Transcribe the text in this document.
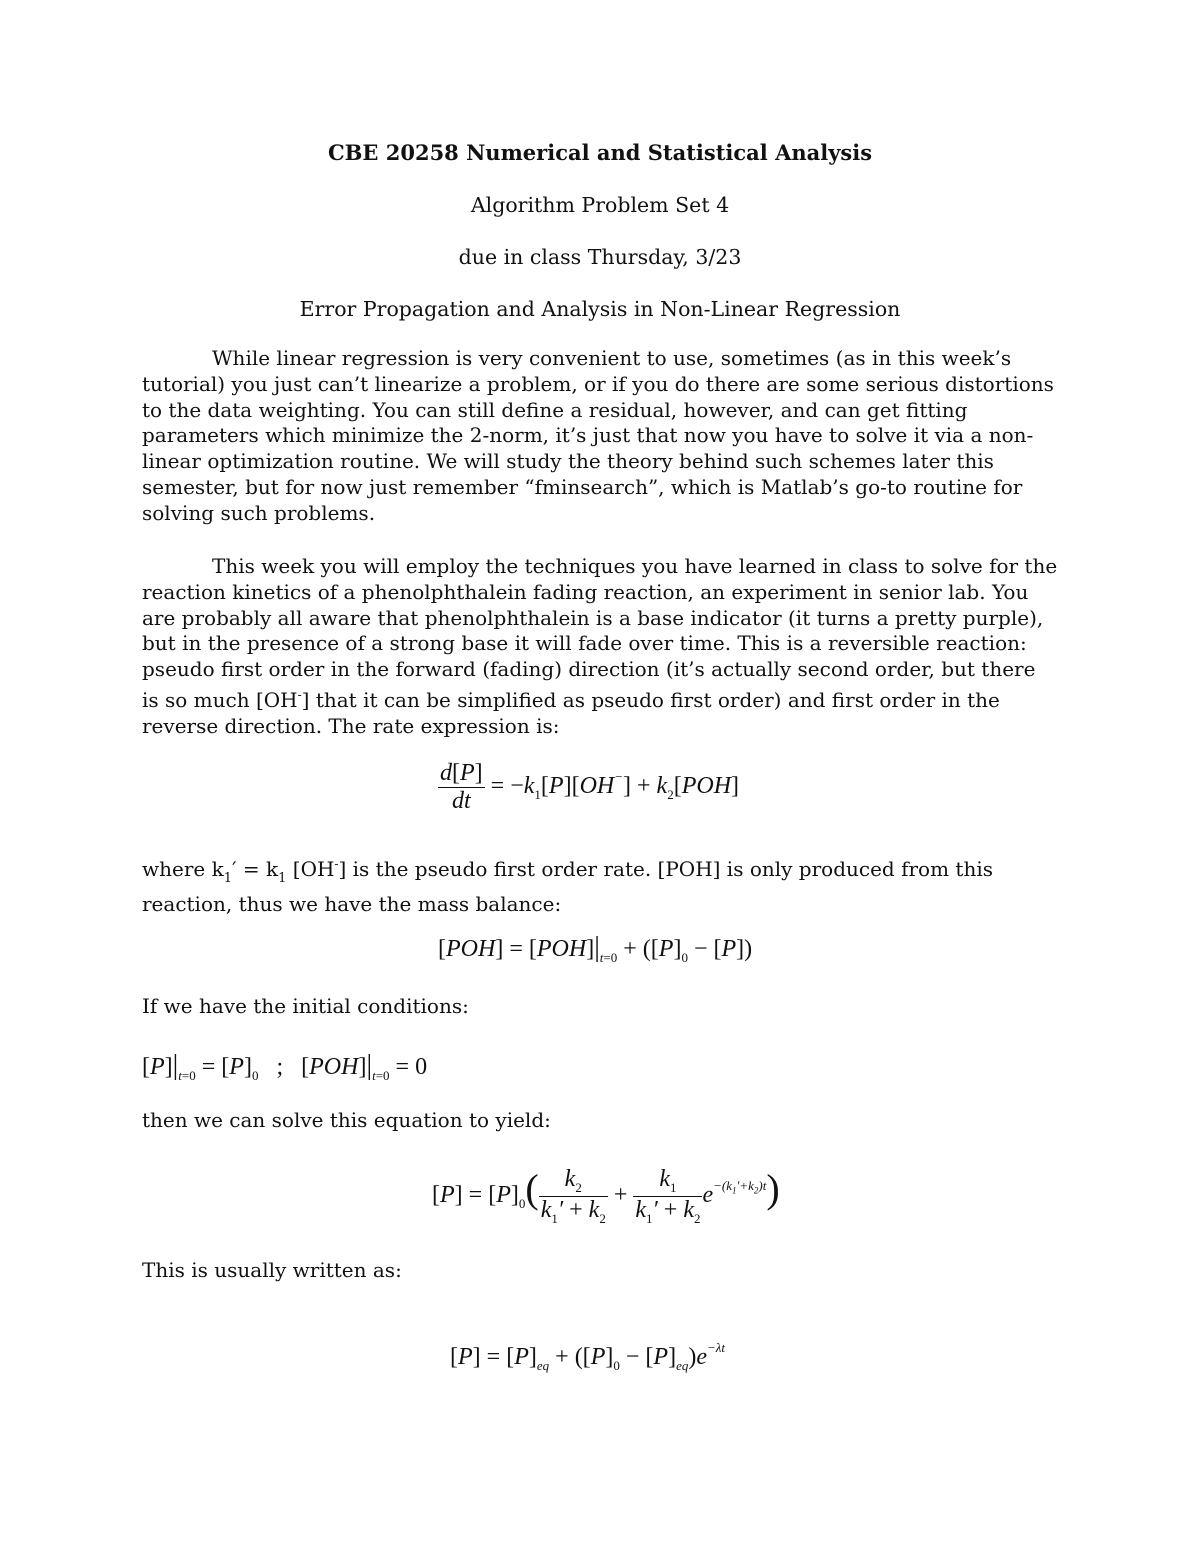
CBE 20258 Numerical and Statistical Analysis
Algorithm Problem Set 4
due in class Thursday, 3/23
Error Propagation and Analysis in Non-Linear Regression
While linear regression is very convenient to use, sometimes (as in this week’s tutorial) you just can’t linearize a problem, or if you do there are some serious distortions to the data weighting. You can still define a residual, however, and can get fitting parameters which minimize the 2-norm, it’s just that now you have to solve it via a non-linear optimization routine. We will study the theory behind such schemes later this semester, but for now just remember “fminsearch”, which is Matlab’s go-to routine for solving such problems.
This week you will employ the techniques you have learned in class to solve for the reaction kinetics of a phenolphthalein fading reaction, an experiment in senior lab. You are probably all aware that phenolphthalein is a base indicator (it turns a pretty purple), but in the presence of a strong base it will fade over time. This is a reversible reaction: pseudo first order in the forward (fading) direction (it’s actually second order, but there is so much [OH-] that it can be simplified as pseudo first order) and first order in the reverse direction. The rate expression is:
$\frac{d[P]}{dt} = -k_1[P][OH^-] + k_2[POH]$
where $k_1' = k_1$ [OH-] is the pseudo first order rate. [POH] is only produced from this reaction, thus we have the mass balance:
$[POH] = [POH]|_{t=0} + ([P]_0 - [P])$
If we have the initial conditions:
$[P]|_{t=0} = [P]_0$ ; $[POH]|_{t=0} = 0$
then we can solve this equation to yield:
$[P] = [P]_0( \frac{k_2}{k_1' + k_2} + \frac{k_1}{k_1' + k_2} e^{-(k_1'+k_2)t})$
This is usually written as:
$[P] = [P]_{eq} + ([P]_0 - [P]_{eq})e^{-\lambda t}$
